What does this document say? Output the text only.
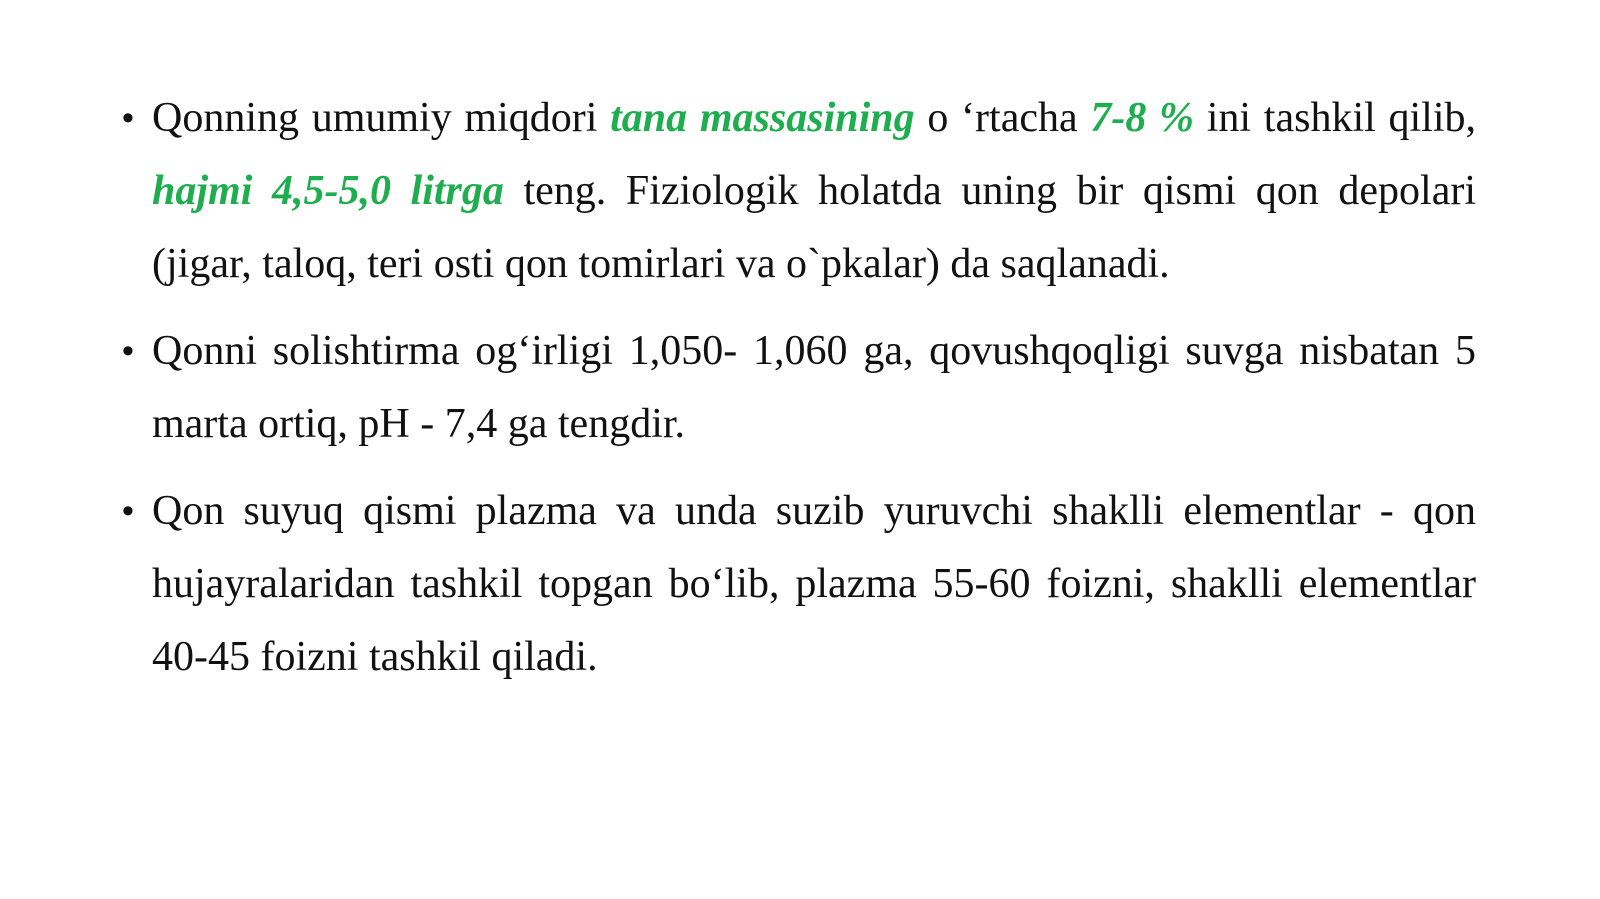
• Qonning umumiy miqdori tana massasining o ‘rtacha 7-8 % ini tashkil qilib, hajmi 4,5-5,0 litrga teng. Fiziologik holatda uning bir qismi qon depolari (jigar, taloq, teri osti qon tomirlari va o`pkalar) da saqlanadi.
• Qonni solishtirma og‘irligi 1,050- 1,060 ga, qovushqoqligi suvga nisbatan 5 marta ortiq, pH - 7,4 ga tengdir.
• Qon suyuq qismi plazma va unda suzib yuruvchi shaklli elementlar - qon hujayralaridan tashkil topgan bo‘lib, plazma 55-60 foizni, shaklli elementlar 40-45 foizni tashkil qiladi.
